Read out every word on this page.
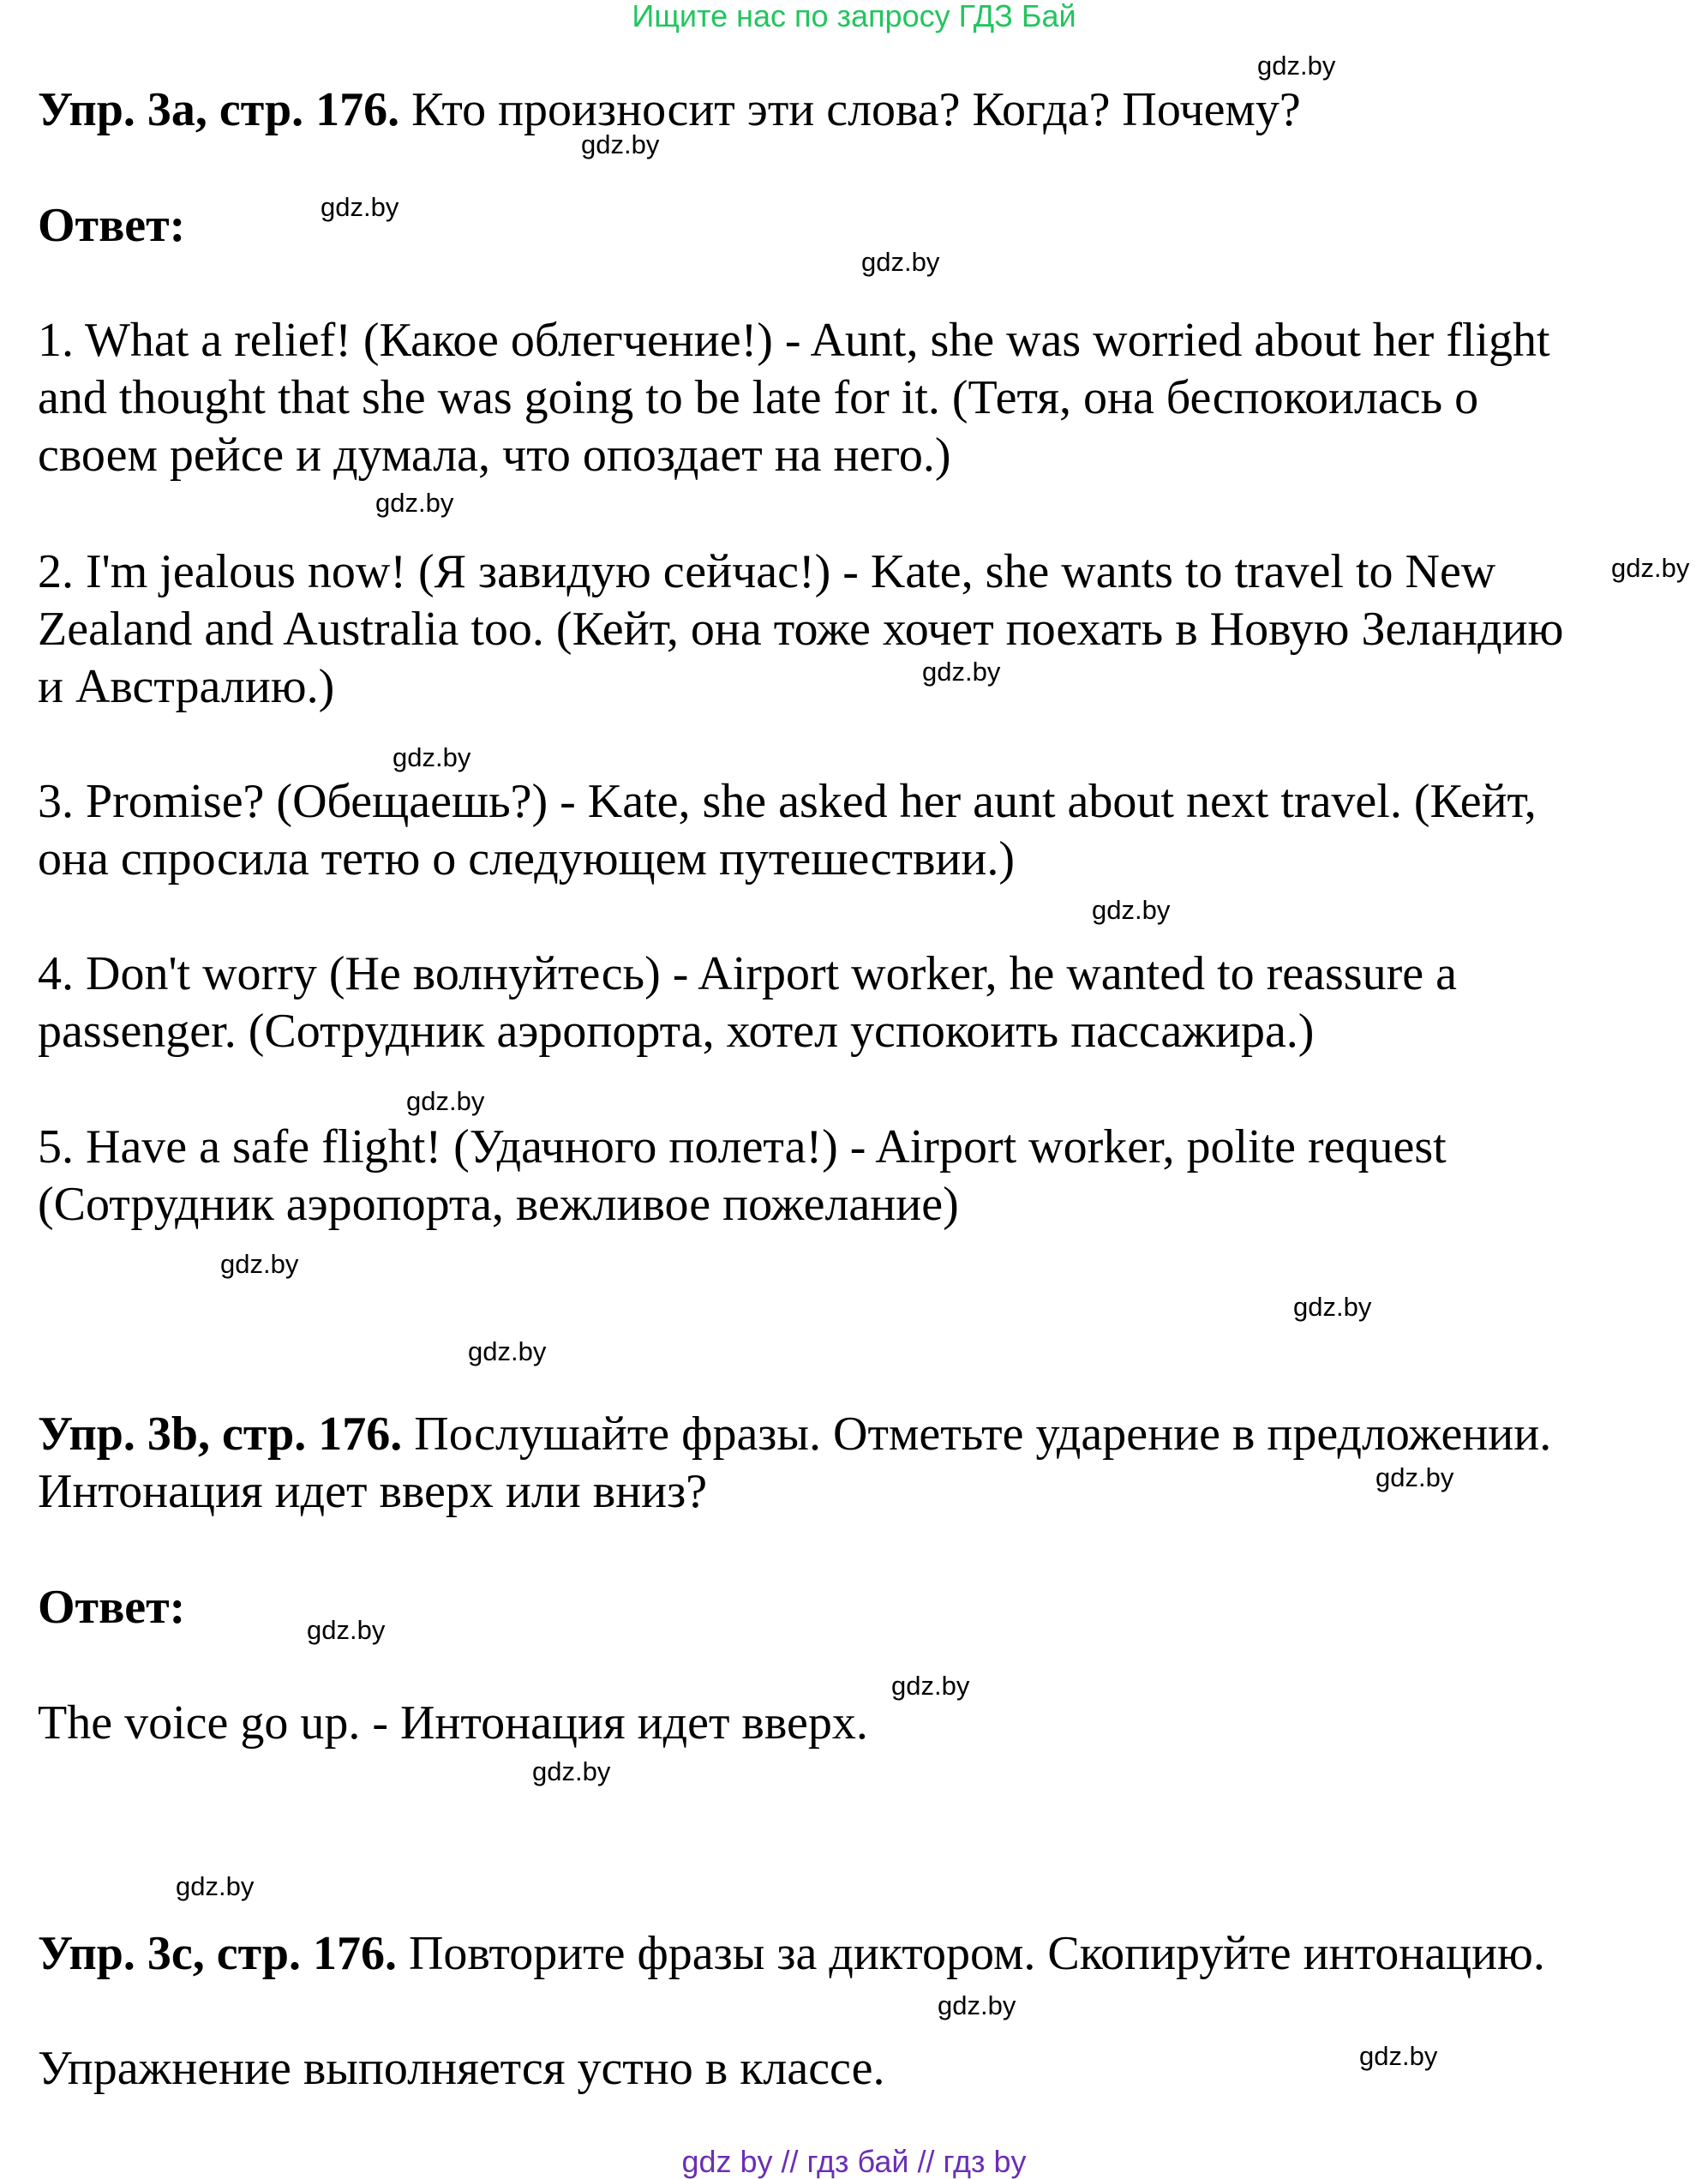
Ищите нас по запросу ГДЗ Бай
Упр. 3a, стр. 176. Кто произносит эти слова? Когда? Почему?
Ответ:
1. What a relief! (Какое облегчение!) - Aunt, she was worried about her flight
and thought that she was going to be late for it. (Тетя, она беспокоилась о
своем рейсе и думала, что опоздает на него.)
2. I'm jealous now! (Я завидую сейчас!) - Kate, she wants to travel to New
Zealand and Australia too. (Кейт, она тоже хочет поехать в Новую Зеландию
и Австралию.)
3. Promise? (Обещаешь?) - Kate, she asked her aunt about next travel. (Кейт,
она спросила тетю о следующем путешествии.)
4. Don't worry (Не волнуйтесь) - Airport worker, he wanted to reassure a
passenger. (Сотрудник аэропорта, хотел успокоить пассажира.)
5. Have a safe flight! (Удачного полета!) - Airport worker, polite request
(Сотрудник аэропорта, вежливое пожелание)
Упр. 3b, стр. 176. Послушайте фразы. Отметьте ударение в предложении.
Интонация идет вверх или вниз?
Ответ:
The voice go up. - Интонация идет вверх.
Упр. 3c, стр. 176. Повторите фразы за диктором. Скопируйте интонацию.
Упражнение выполняется устно в классе.
gdz.by
gdz.by
gdz.by
gdz.by
gdz.by
gdz.by
gdz.by
gdz.by
gdz.by
gdz.by
gdz.by
gdz.by
gdz.by
gdz.by
gdz.by
gdz.by
gdz.by
gdz.by
gdz.by
gdz.by
gdz by // гдз бай // гдз by
